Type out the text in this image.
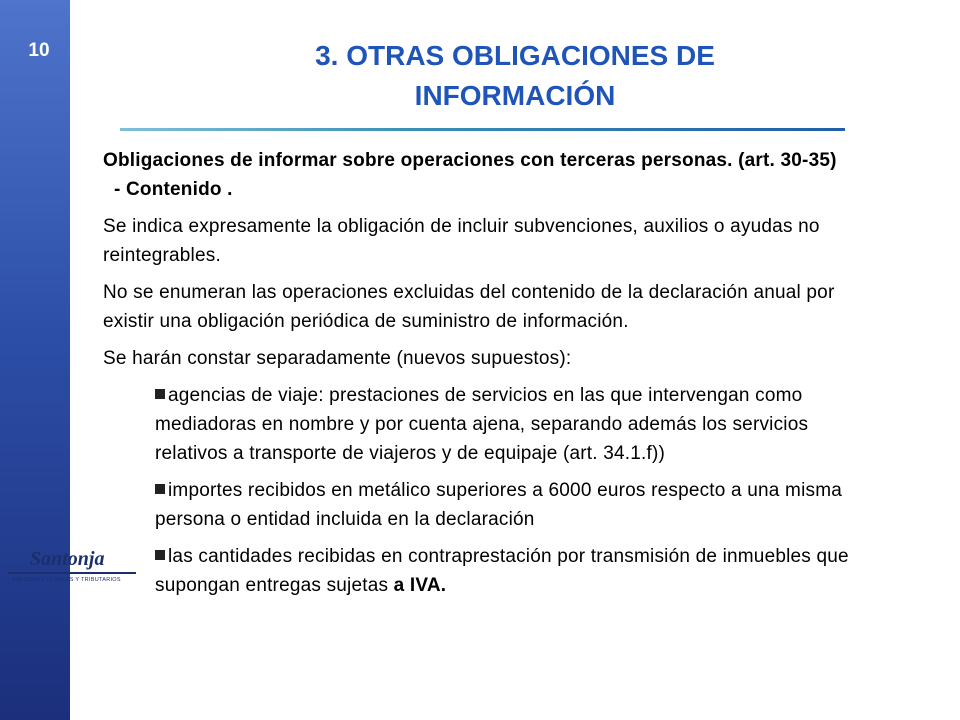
10
Santonja
ASESORES LEGALES Y TRIBUTARIOS
3. OTRAS OBLIGACIONES DE
INFORMACIÓN

Obligaciones de informar sobre operaciones con terceras personas. (art. 30-35)  - Contenido .

Se indica expresamente la obligación de incluir subvenciones, auxilios o ayudas no reintegrables.

No se enumeran las operaciones excluidas del contenido de la declaración anual por existir una obligación periódica de suministro de información.

Se harán constar separadamente (nuevos supuestos):

agencias de viaje: prestaciones de servicios en las que intervengan como mediadoras en nombre y por cuenta ajena, separando además los servicios relativos a transporte de viajeros y de equipaje (art. 34.1.f))
importes recibidos en metálico superiores a 6000 euros respecto a una misma persona o entidad incluida en la declaración
las cantidades recibidas en contraprestación por transmisión de inmuebles que supongan entregas sujetas a IVA.
